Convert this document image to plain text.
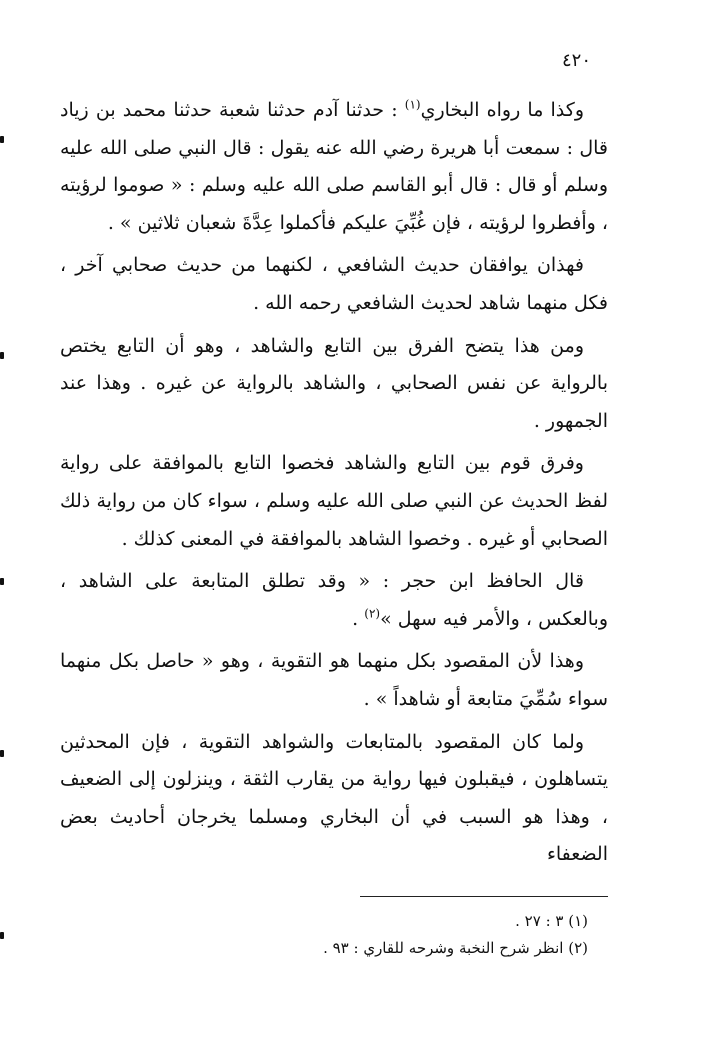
٤٢٠

وكذا ما رواه البخاري$^{(١)}$ : حدثنا آدم حدثنا شعبة حدثنا محمد بن زياد قال : سمعت أبا هريرة رضي الله عنه يقول : قال النبي صلى الله عليه وسلم أو قال : قال أبو القاسم صلى الله عليه وسلم : « صوموا لرؤيته ، وأفطروا لرؤيته ، فإن غُبِّيَ عليكم فأكملوا عِدَّةَ شعبان ثلاثين » .

فهذان يوافقان حديث الشافعي ، لكنهما من حديث صحابي آخر ، فكل منهما شاهد لحديث الشافعي رحمه الله .

ومن هذا يتضح الفرق بين التابع والشاهد ، وهو أن التابع يختص بالرواية عن نفس الصحابي ، والشاهد بالرواية عن غيره . وهذا عند الجمهور .

وفرق قوم بين التابع والشاهد فخصوا التابع بالموافقة على رواية لفظ الحديث عن النبي صلى الله عليه وسلم ، سواء كان من رواية ذلك الصحابي أو غيره . وخصوا الشاهد بالموافقة في المعنى كذلك .

قال الحافظ ابن حجر : « وقد تطلق المتابعة على الشاهد ، وبالعكس ، والأمر فيه سهل »$^{(٢)}$ .

وهذا لأن المقصود بكل منهما هو التقوية ، وهو « حاصل بكل منهما سواء سُمِّيَ متابعة أو شاهداً » .

ولما كان المقصود بالمتابعات والشواهد التقوية ، فإن المحدثين يتساهلون ، فيقبلون فيها رواية من يقارب الثقة ، وينزلون إلى الضعيف ، وهذا هو السبب في أن البخاري ومسلما يخرجان أحاديث بعض الضعفاء

(١) ٣ : ٢٧ .

(٢) انظر شرح النخبة وشرحه للقاري : ٩٣ .
